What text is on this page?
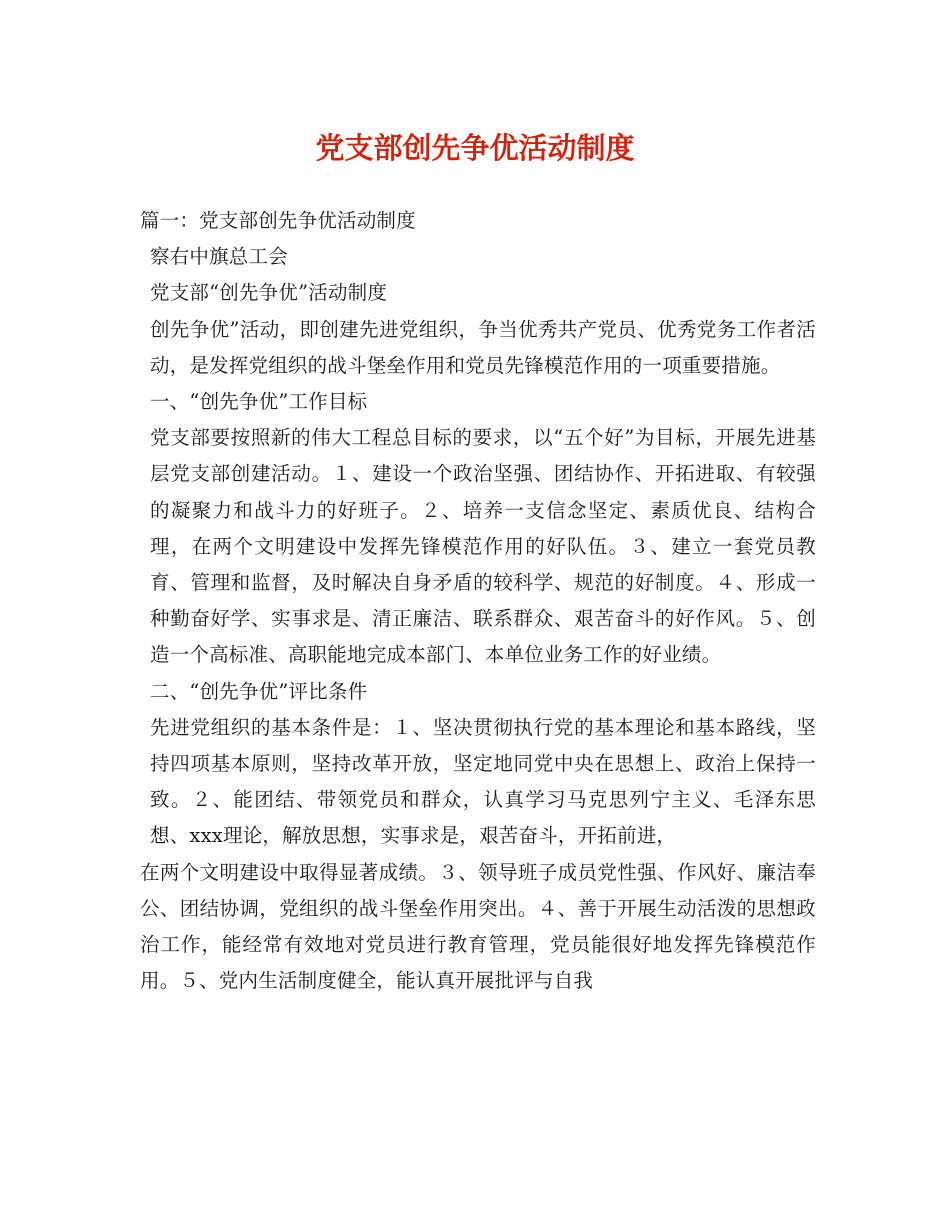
党支部创先争优活动制度

篇一：党支部创先争优活动制度

察右中旗总工会

党支部“创先争优”活动制度

创先争优”活动，即创建先进党组织，争当优秀共产党员、优秀党务工作者活动，是发挥党组织的战斗堡垒作用和党员先锋模范作用的一项重要措施。

一、“创先争优”工作目标

党支部要按照新的伟大工程总目标的要求，以“五个好”为目标，开展先进基层党支部创建活动。１、建设一个政治坚强、团结协作、开拓进取、有较强的凝聚力和战斗力的好班子。２、培养一支信念坚定、素质优良、结构合理，在两个文明建设中发挥先锋模范作用的好队伍。３、建立一套党员教育、管理和监督，及时解决自身矛盾的较科学、规范的好制度。４、形成一种勤奋好学、实事求是、清正廉洁、联系群众、艰苦奋斗的好作风。５、创造一个高标准、高职能地完成本部门、本单位业务工作的好业绩。

二、“创先争优”评比条件

先进党组织的基本条件是：１、坚决贯彻执行党的基本理论和基本路线，坚持四项基本原则，坚持改革开放，坚定地同党中央在思想上、政治上保持一致。２、能团结、带领党员和群众，认真学习马克思列宁主义、毛泽东思想、xxx理论，解放思想，实事求是，艰苦奋斗，开拓前进，

在两个文明建设中取得显著成绩。３、领导班子成员党性强、作风好、廉洁奉公、团结协调，党组织的战斗堡垒作用突出。４、善于开展生动活泼的思想政治工作，能经常有效地对党员进行教育管理，党员能很好地发挥先锋模范作用。５、党内生活制度健全，能认真开展批评与自我
